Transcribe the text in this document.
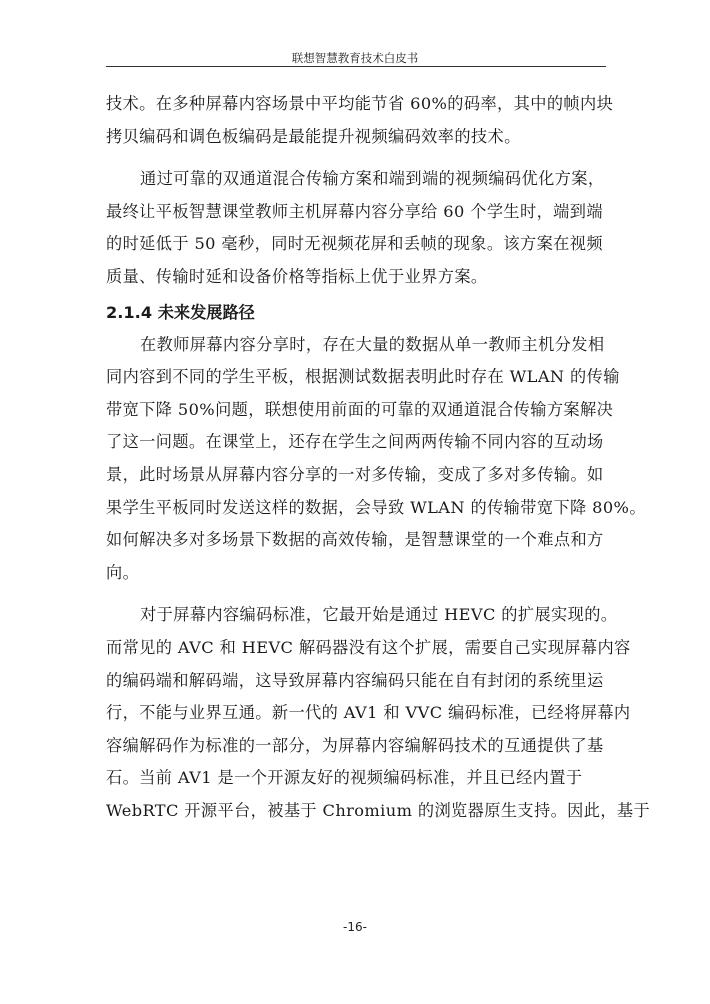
联想智慧教育技术白皮书
技术。在多种屏幕内容场景中平均能节省 60%的码率，其中的帧内块
拷贝编码和调色板编码是最能提升视频编码效率的技术。
通过可靠的双通道混合传输方案和端到端的视频编码优化方案，
最终让平板智慧课堂教师主机屏幕内容分享给 60 个学生时，端到端
的时延低于 50 毫秒，同时无视频花屏和丢帧的现象。该方案在视频
质量、传输时延和设备价格等指标上优于业界方案。
2.1.4 未来发展路径
在教师屏幕内容分享时，存在大量的数据从单一教师主机分发相
同内容到不同的学生平板，根据测试数据表明此时存在 WLAN 的传输
带宽下降 50%问题，联想使用前面的可靠的双通道混合传输方案解决
了这一问题。在课堂上，还存在学生之间两两传输不同内容的互动场
景，此时场景从屏幕内容分享的一对多传输，变成了多对多传输。如
果学生平板同时发送这样的数据，会导致 WLAN 的传输带宽下降 80%。
如何解决多对多场景下数据的高效传输，是智慧课堂的一个难点和方
向。
对于屏幕内容编码标准，它最开始是通过 HEVC 的扩展实现的。
而常见的 AVC 和 HEVC 解码器没有这个扩展，需要自己实现屏幕内容
的编码端和解码端，这导致屏幕内容编码只能在自有封闭的系统里运
行，不能与业界互通。新一代的 AV1 和 VVC 编码标准，已经将屏幕内
容编解码作为标准的一部分，为屏幕内容编解码技术的互通提供了基
石。当前 AV1 是一个开源友好的视频编码标准，并且已经内置于
WebRTC 开源平台，被基于 Chromium 的浏览器原生支持。因此，基于
-16-
